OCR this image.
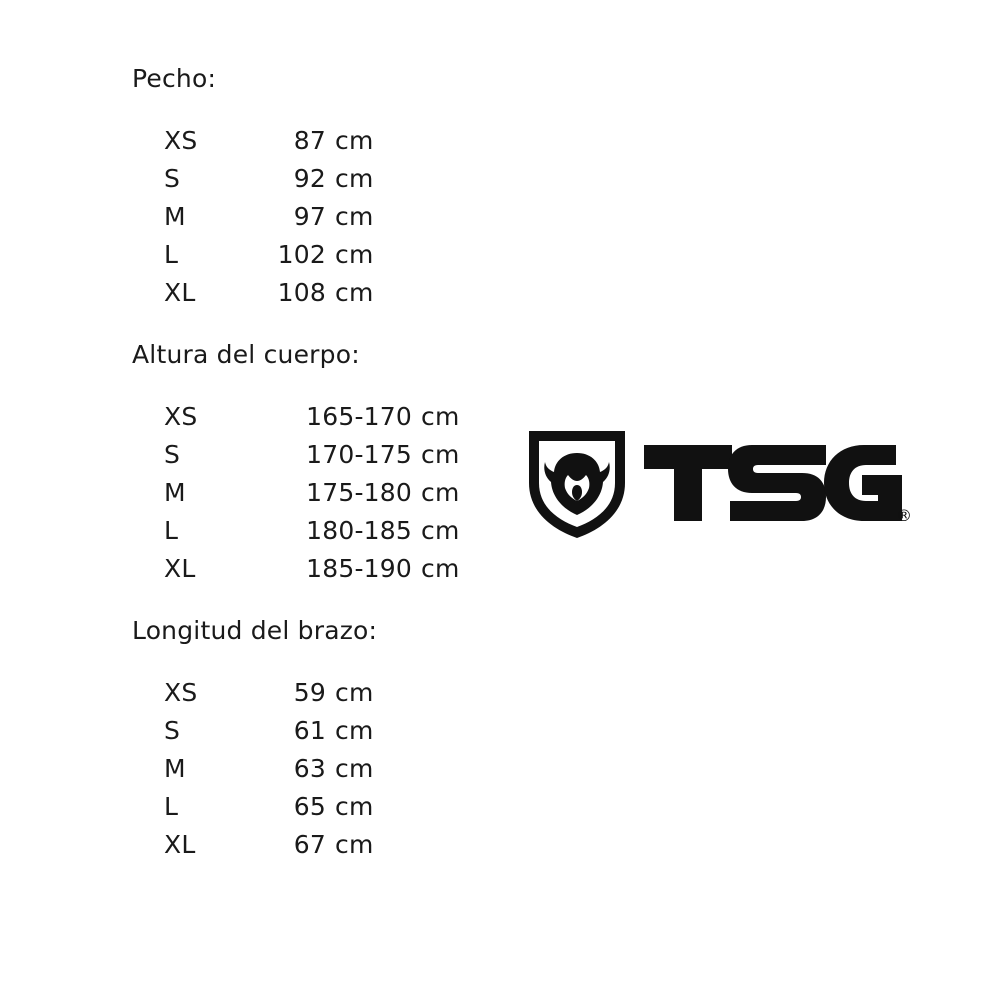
Pecho:
XS	87 cm
S	92 cm
M	97 cm
L	102 cm
XL	108 cm
Altura del cuerpo:
XS	165-170 cm
S	170-175 cm
M	175-180 cm
L	180-185 cm
XL	185-190 cm
Longitud del brazo:
XS	59 cm
S	61 cm
M	63 cm
L	65 cm
XL	67 cm
®
